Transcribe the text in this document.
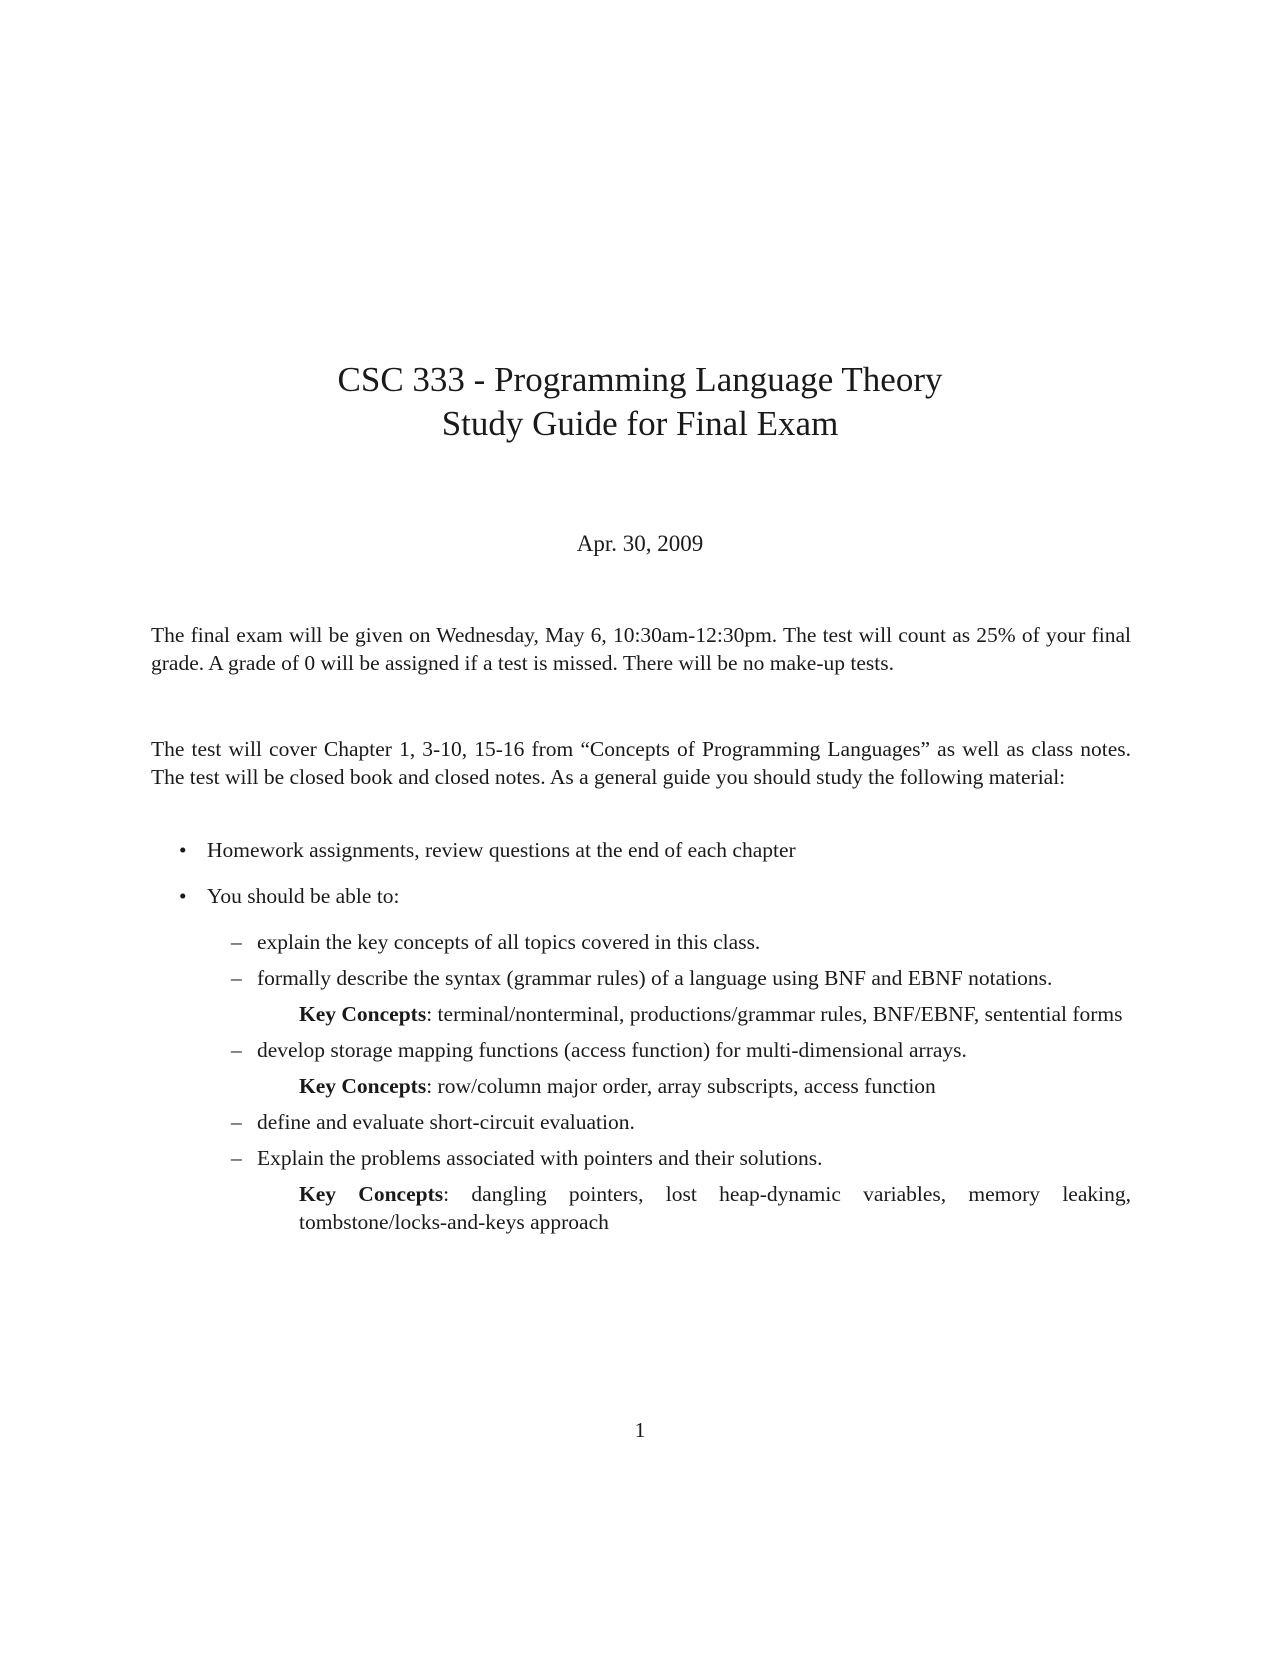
CSC 333 - Programming Language Theory

Study Guide for Final Exam

Apr. 30, 2009

The final exam will be given on Wednesday, May 6, 10:30am-12:30pm. The test will count as 25% of your final grade. A grade of 0 will be assigned if a test is missed. There will be no make-up tests.

The test will cover Chapter 1, 3-10, 15-16 from “Concepts of Programming Languages” as well as class notes. The test will be closed book and closed notes. As a general guide you should study the following material:

• Homework assignments, review questions at the end of each chapter
• You should be able to:
– explain the key concepts of all topics covered in this class.
– formally describe the syntax (grammar rules) of a language using BNF and EBNF notations.
Key Concepts: terminal/nonterminal, productions/grammar rules, BNF/EBNF, sentential forms
– develop storage mapping functions (access function) for multi-dimensional arrays.
Key Concepts: row/column major order, array subscripts, access function
– define and evaluate short-circuit evaluation.
– Explain the problems associated with pointers and their solutions.
Key Concepts: dangling pointers, lost heap-dynamic variables, memory leaking, tombstone/locks-and-keys approach
1
